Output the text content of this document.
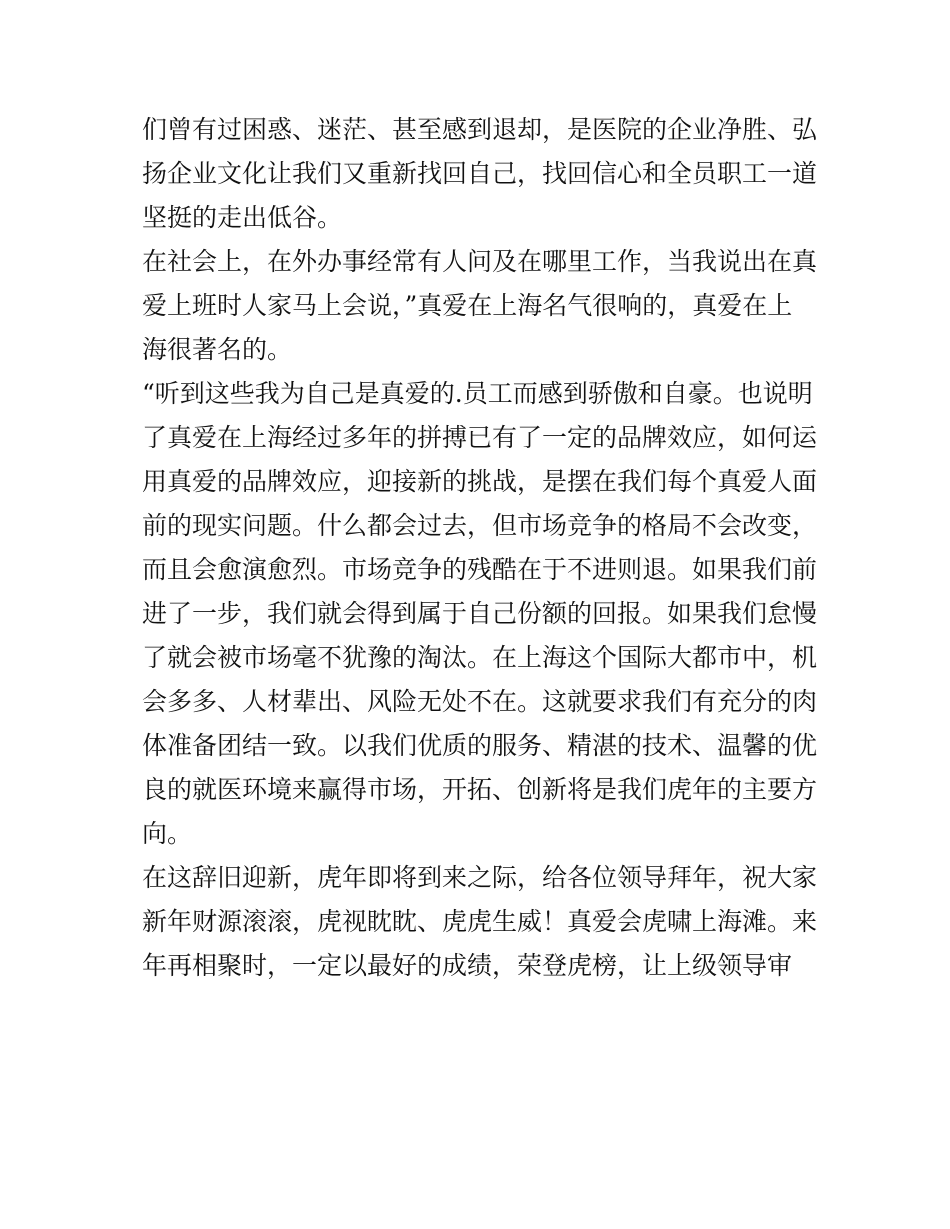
们曾有过困惑、迷茫、甚至感到退却，是医院的企业净胜、弘
扬企业文化让我们又重新找回自己，找回信心和全员职工一道
坚挺的走出低谷。
在社会上，在外办事经常有人问及在哪里工作，当我说出在真
爱上班时人家马上会说，”真爱在上海名气很响的，真爱在上
海很著名的。
“听到这些我为自己是真爱的.员工而感到骄傲和自豪。也说明
了真爱在上海经过多年的拼搏已有了一定的品牌效应，如何运
用真爱的品牌效应，迎接新的挑战，是摆在我们每个真爱人面
前的现实问题。什么都会过去，但市场竞争的格局不会改变，
而且会愈演愈烈。市场竞争的残酷在于不进则退。如果我们前
进了一步，我们就会得到属于自己份额的回报。如果我们怠慢
了就会被市场毫不犹豫的淘汰。在上海这个国际大都市中，机
会多多、人材辈出、风险无处不在。这就要求我们有充分的肉
体准备团结一致。以我们优质的服务、精湛的技术、温馨的优
良的就医环境来赢得市场，开拓、创新将是我们虎年的主要方
向。
在这辞旧迎新，虎年即将到来之际，给各位领导拜年，祝大家
新年财源滚滚，虎视眈眈、虎虎生威！真爱会虎啸上海滩。来
年再相聚时，一定以最好的成绩，荣登虎榜，让上级领导审
